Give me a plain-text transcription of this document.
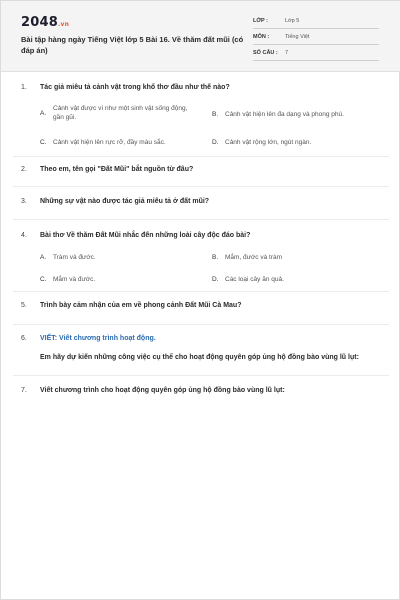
2048.vn
Bài tập hàng ngày Tiếng Việt lớp 5 Bài 16. Về thăm đất mũi (có đáp án)
LỚP :	Lớp 5
MÔN :	Tiếng Việt
SỐ CÂU : 7
1. Tác giả miêu tả cảnh vật trong khổ thơ đầu như thế nào?
A.
Cảnh vật được ví như một sinh vật sống động, gần gũi.	B. Cảnh vật hiện lên đa dạng và phong phú.
C. Cảnh vật hiện lên rực rỡ, đầy màu sắc.	D. Cảnh vật rộng lớn, ngút ngàn.
2. Theo em, tên gọi "Đất Mũi" bắt nguồn từ đâu?
3. Những sự vật nào được tác giả miêu tả ở đất mũi?
4. Bài thơ Về thăm Đất Mũi nhắc đến những loài cây độc đáo bài?
A. Tràm và đước.	B. Mắm, đước và tràm
C. Mắm và đước.	D. Các loại cây ăn quả.
5. Trình bày cảm nhận của em về phong cảnh Đất Mũi Cà Mau?
6. VIẾT: Viết chương trình hoạt động.
Em hãy dự kiến những công việc cụ thể cho hoạt động quyên góp ủng hộ đồng bào vùng lũ lụt:
7. Viết chương trình cho hoạt động quyên góp ủng hộ đồng bào vùng lũ lụt:
